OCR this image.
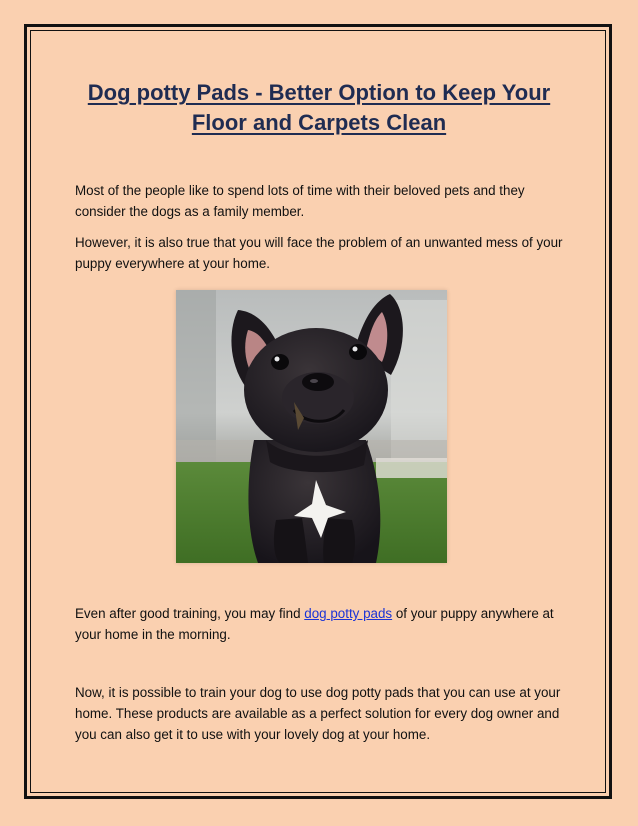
Dog potty Pads - Better Option to Keep Your Floor and Carpets Clean

Most of the people like to spend lots of time with their beloved pets and they consider the dogs as a family member.

However, it is also true that you will face the problem of an unwanted mess of your puppy everywhere at your home.

Even after good training, you may find dog potty pads of your puppy anywhere at your home in the morning.

Now, it is possible to train your dog to use dog potty pads that you can use at your home. These products are available as a perfect solution for every dog owner and you can also get it to use with your lovely dog at your home.
